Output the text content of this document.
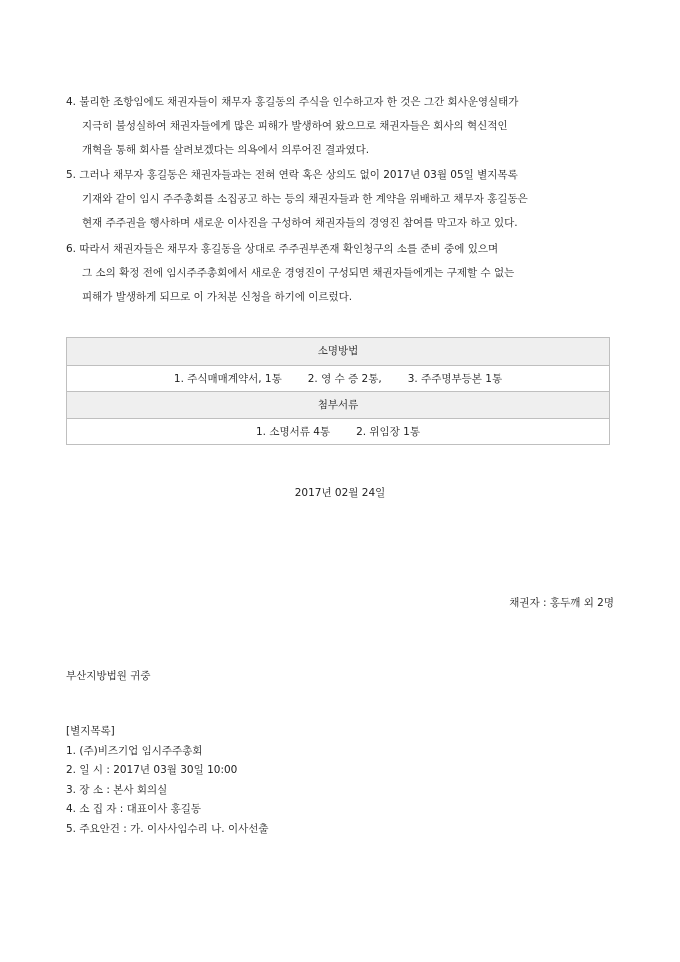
4. 불리한 조항임에도 채권자들이 채무자 홍길동의 주식을 인수하고자 한 것은 그간 회사운영실태가
지극히 불성실하여 채권자들에게 많은 피해가 발생하여 왔으므로 채권자들은 회사의 혁신적인
개혁을 통해 회사를 살려보겠다는 의욕에서 의루어진 결과였다.
5. 그러나 채무자 홍길동은 채권자들과는 전혀 연락 혹은 상의도 없이 2017년 03월 05일 별지목록
기재와 같이 임시 주주총회를 소집공고 하는 등의 채권자들과 한 계약을 위배하고 채무자 홍길동은
현재 주주권을 행사하며 새로운 이사진을 구성하여 채권자들의 경영진 참여를 막고자 하고 있다.
6. 따라서 채권자들은 채무자 홍길동을 상대로 주주권부존재 확인청구의 소를 준비 중에 있으며
그 소의 확정 전에 임시주주총회에서 새로운 경영진이 구성되면 채권자들에게는 구제할 수 없는
피해가 발생하게 되므로 이 가처분 신청을 하기에 이르렀다.
소명방법
1. 주식매매계약서, 1통 2. 영 수 증 2통, 3. 주주명부등본 1통
첨부서류
1. 소명서류 4통 2. 위임장 1통
2017년 02월 24일
채권자 : 홍두깨 외 2명
부산지방법원 귀중
[별지목록]
1. (주)비즈기업 임시주주총회
2. 일 시 : 2017년 03월 30일 10:00
3. 장 소 : 본사 회의실
4. 소 집 자 : 대표이사 홍길동
5. 주요안건 : 가. 이사사임수리 나. 이사선출
